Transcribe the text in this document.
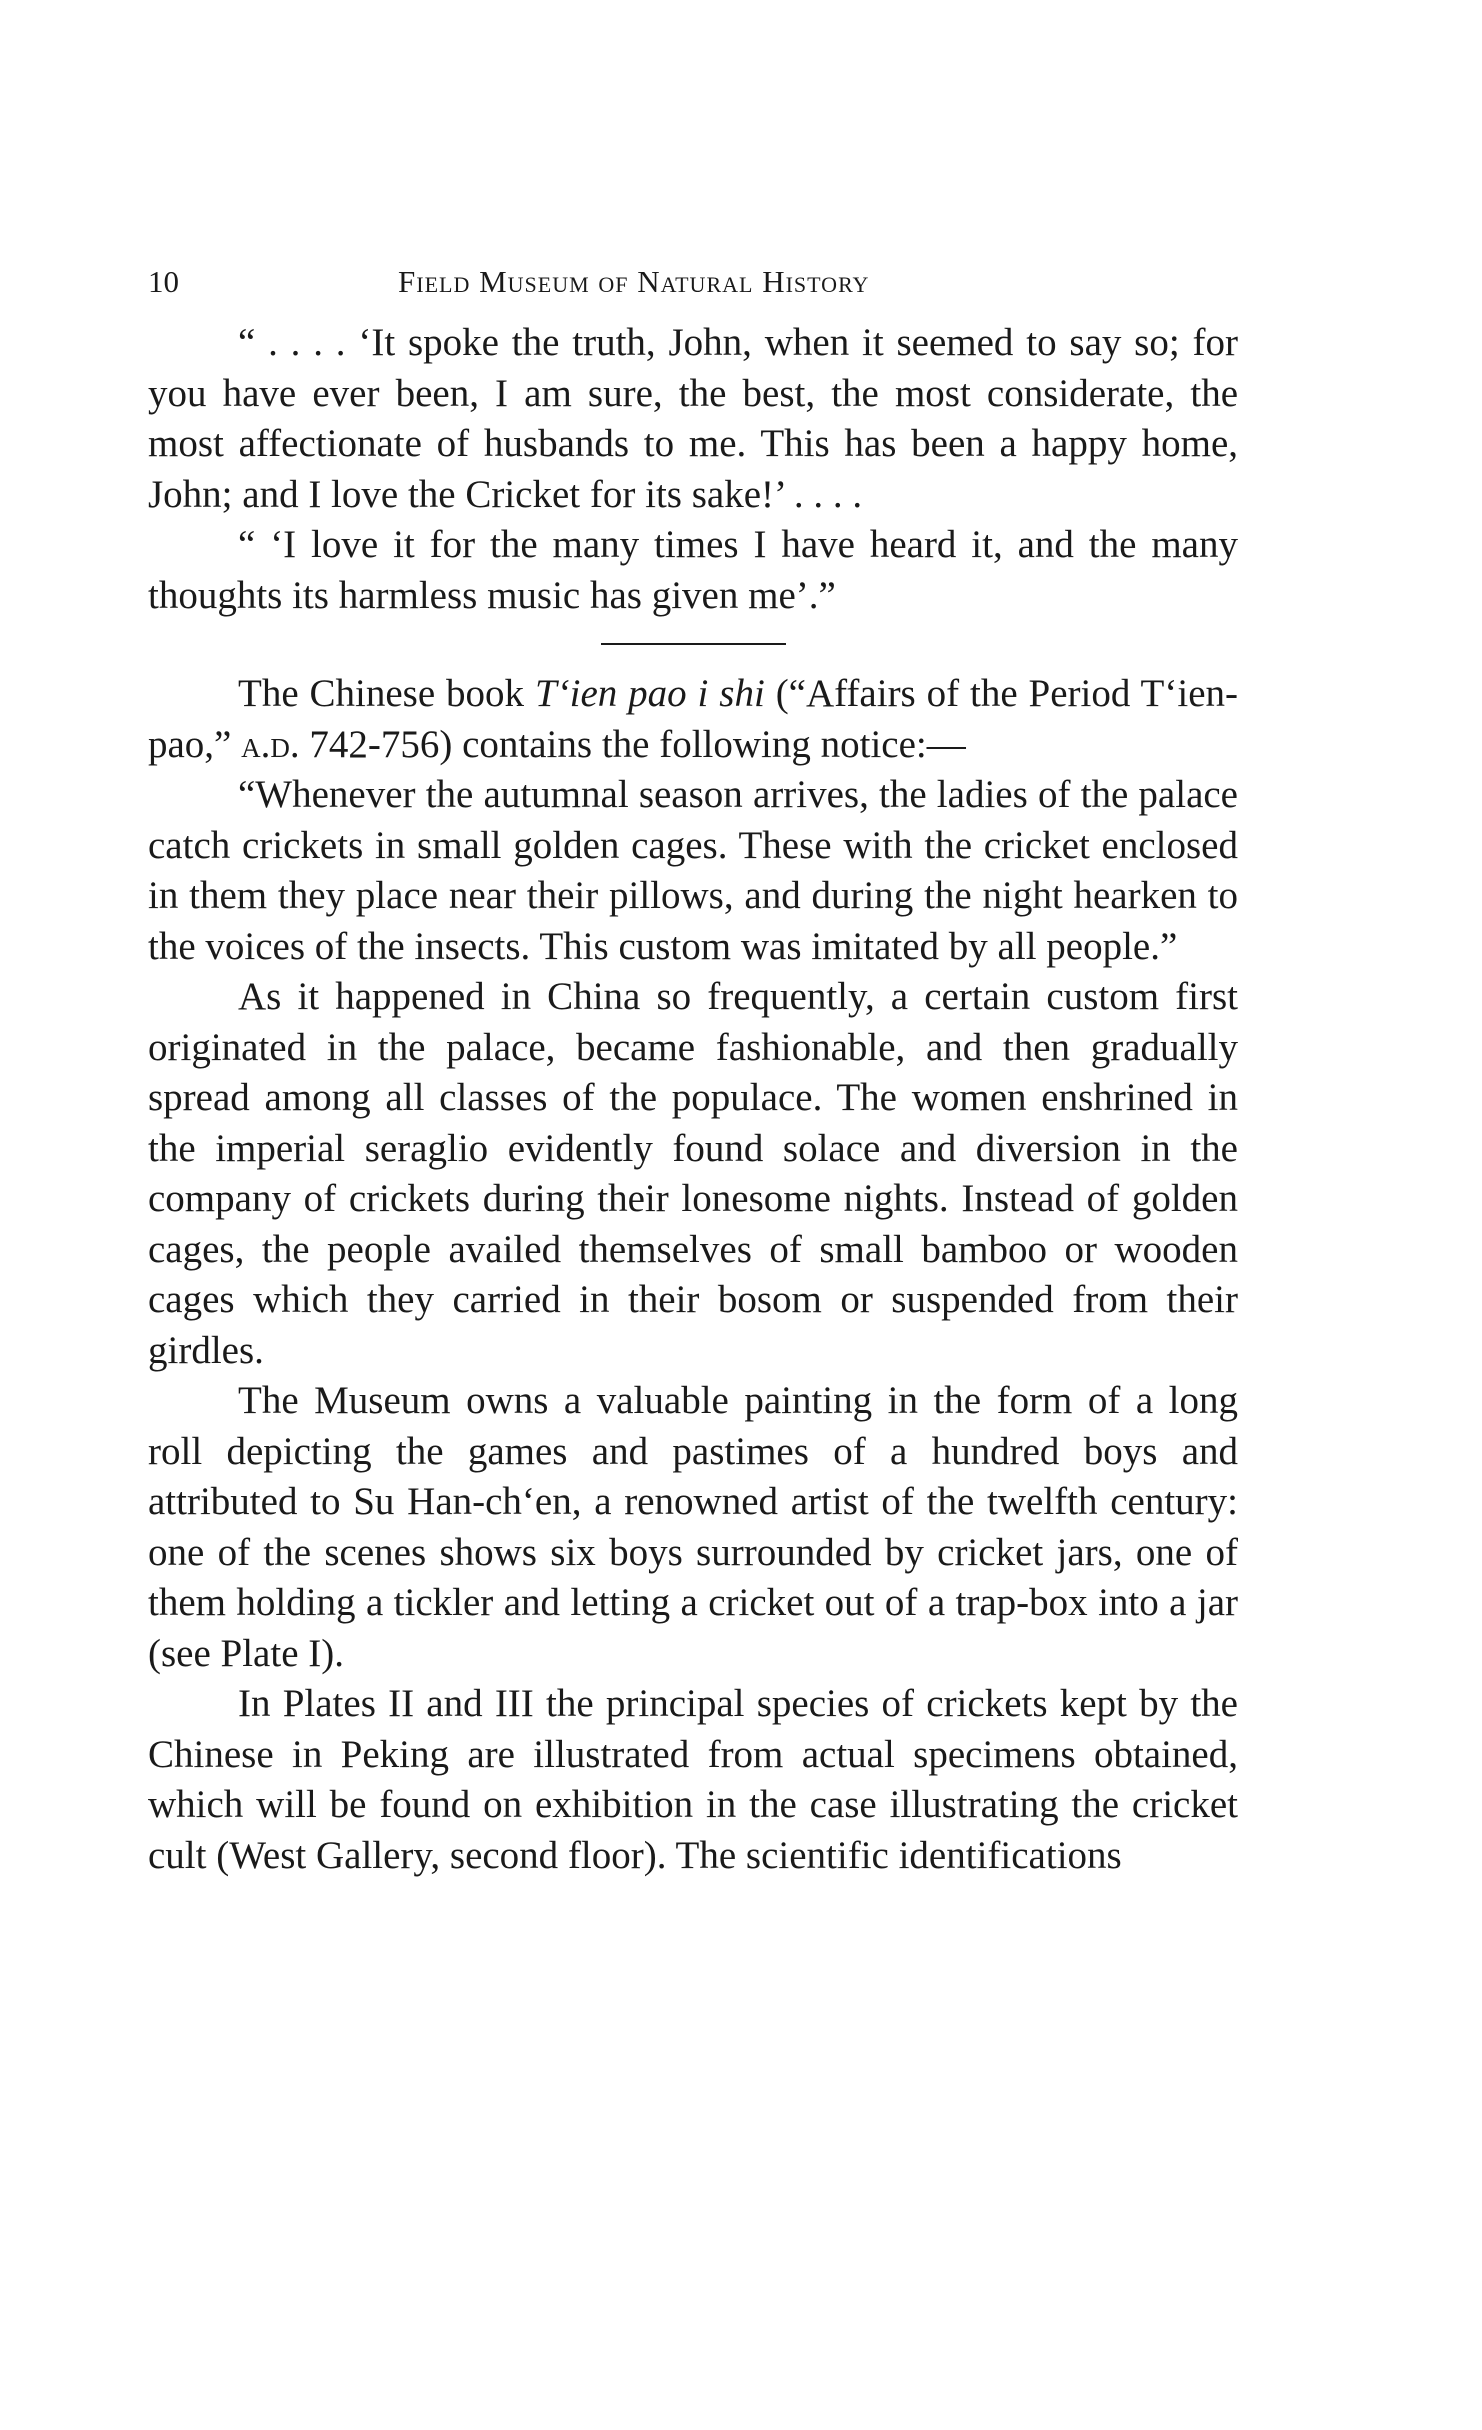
10	Field Museum of Natural History

“ . . . . ‘It spoke the truth, John, when it seemed to say so; for you have ever been, I am sure, the best, the most considerate, the most affectionate of husbands to me. This has been a happy home, John; and I love the Cricket for its sake!’ . . . .

“ ‘I love it for the many times I have heard it, and the many thoughts its harmless music has given me’.”

The Chinese book T‘ien pao i shi (“Affairs of the Period T‘ien-pao,” a.d. 742-756) contains the following notice:—

“Whenever the autumnal season arrives, the ladies of the palace catch crickets in small golden cages. These with the cricket enclosed in them they place near their pillows, and during the night hearken to the voices of the insects. This custom was imitated by all people.”

As it happened in China so frequently, a certain custom first originated in the palace, became fashionable, and then gradually spread among all classes of the populace. The women enshrined in the imperial seraglio evidently found solace and diversion in the company of crickets during their lonesome nights. Instead of golden cages, the people availed themselves of small bamboo or wooden cages which they carried in their bosom or suspended from their girdles.

The Museum owns a valuable painting in the form of a long roll depicting the games and pastimes of a hundred boys and attributed to Su Han-ch‘en, a renowned artist of the twelfth century: one of the scenes shows six boys surrounded by cricket jars, one of them holding a tickler and letting a cricket out of a trap-box into a jar (see Plate I).

In Plates II and III the principal species of crickets kept by the Chinese in Peking are illustrated from actual specimens obtained, which will be found on exhibition in the case illustrating the cricket cult (West Gallery, second floor). The scientific identifications
